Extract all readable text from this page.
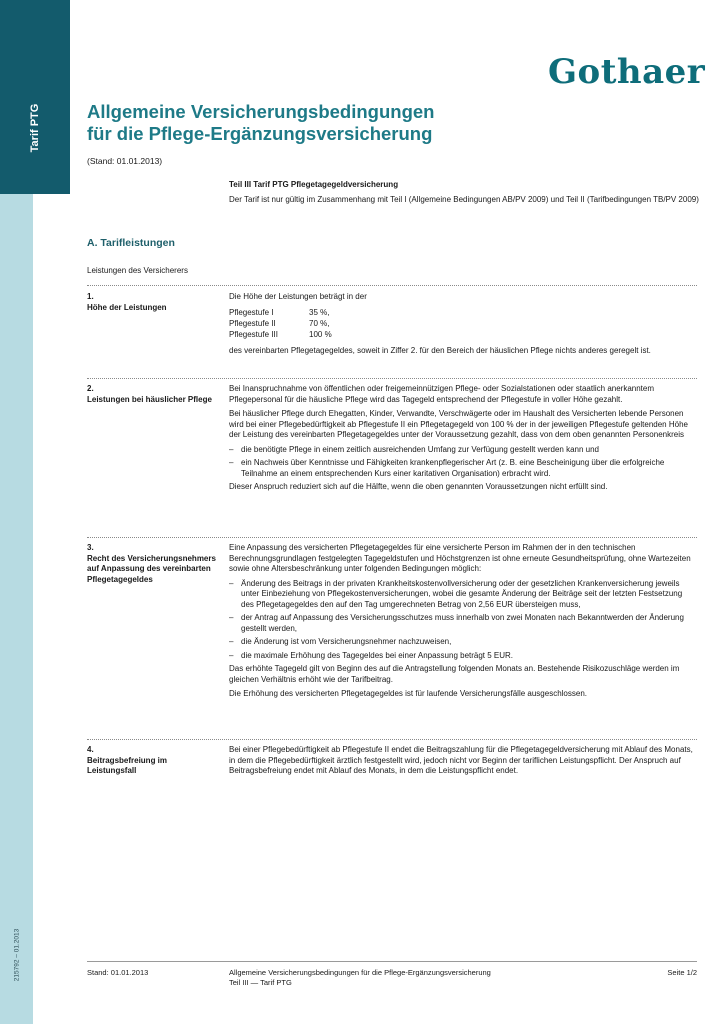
Tarif PTG
215792 – 01.2013
Gothaer
Allgemeine Versicherungsbedingungen
für die Pflege-Ergänzungsversicherung
(Stand: 01.01.2013)
Teil III Tarif PTG Pflegetagegeldversicherung
Der Tarif ist nur gültig im Zusammenhang mit Teil I (Allgemeine Bedingungen AB/PV 2009) und Teil II (Tarifbedingungen TB/PV 2009)
A. Tarifleistungen
Leistungen des Versicherers
1.
Höhe der Leistungen

Die Höhe der Leistungen beträgt in der

Pflegestufe I	35 %,
Pflegestufe II	70 %,
Pflegestufe III	100 %

des vereinbarten Pflegetagegeldes, soweit in Ziffer 2. für den Bereich der häuslichen Pflege nichts anderes geregelt ist.

2.
Leistungen bei häuslicher Pflege

Bei Inanspruchnahme von öffentlichen oder freigemeinnützigen Pflege- oder Sozialstationen oder staatlich anerkanntem Pflegepersonal für die häusliche Pflege wird das Tagegeld entsprechend der Pflegestufe in voller Höhe gezahlt.

Bei häuslicher Pflege durch Ehegatten, Kinder, Verwandte, Verschwägerte oder im Haushalt des Versicherten lebende Personen wird bei einer Pflegebedürftigkeit ab Pflegestufe II ein Pflegetagegeld von 100 % der in der jeweiligen Pflegestufe geltenden Höhe der Leistung des vereinbarten Pflegetagegeldes unter der Voraussetzung gezahlt, dass von dem oben genannten Personenkreis

– die benötigte Pflege in einem zeitlich ausreichenden Umfang zur Verfügung gestellt werden kann und
– ein Nachweis über Kenntnisse und Fähigkeiten krankenpflegerischer Art (z. B. eine Bescheinigung über die erfolgreiche Teilnahme an einem entsprechenden Kurs einer karitativen Organisation) erbracht wird.

Dieser Anspruch reduziert sich auf die Hälfte, wenn die oben genannten Voraussetzungen nicht erfüllt sind.

3.
Recht des Versicherungsnehmers auf Anpassung des vereinbarten Pflegetagegeldes

Eine Anpassung des versicherten Pflegetagegeldes für eine versicherte Person im Rahmen der in den technischen Berechnungsgrundlagen festgelegten Tagegeldstufen und Höchstgrenzen ist ohne erneute Gesundheitsprüfung, ohne Wartezeiten sowie ohne Altersbeschränkung unter folgenden Bedingungen möglich:

– Änderung des Beitrags in der privaten Krankheitskostenvollversicherung oder der gesetzlichen Krankenversicherung jeweils unter Einbeziehung von Pflegekostenversicherungen, wobei die gesamte Änderung der Beiträge seit der letzten Festsetzung des Pflegetagegeldes den auf den Tag umgerechneten Betrag von 2,56 EUR übersteigen muss,
– der Antrag auf Anpassung des Versicherungsschutzes muss innerhalb von zwei Monaten nach Bekanntwerden der Änderung gestellt werden,
– die Änderung ist vom Versicherungsnehmer nachzuweisen,
– die maximale Erhöhung des Tagegeldes bei einer Anpassung beträgt 5 EUR.

Das erhöhte Tagegeld gilt von Beginn des auf die Antragstellung folgenden Monats an. Bestehende Risikozuschläge werden im gleichen Verhältnis erhöht wie der Tarifbeitrag.

Die Erhöhung des versicherten Pflegetagegeldes ist für laufende Versicherungsfälle ausgeschlossen.

4.
Beitragsbefreiung im Leistungsfall

Bei einer Pflegebedürftigkeit ab Pflegestufe II endet die Beitragszahlung für die Pflegetagegeldversicherung mit Ablauf des Monats, in dem die Pflegebedürftigkeit ärztlich festgestellt wird, jedoch nicht vor Beginn der tariflichen Leistungspflicht. Der Anspruch auf Beitragsbefreiung endet mit Ablauf des Monats, in dem die Leistungspflicht endet.

Stand: 01.01.2013	Allgemeine Versicherungsbedingungen für die Pflege-Ergänzungsversicherung
Teil III — Tarif PTG
Seite 1/2
